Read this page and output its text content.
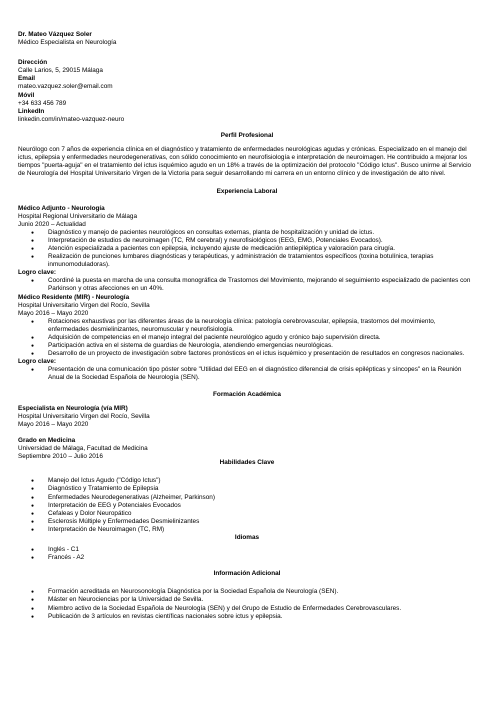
Dr. Mateo Vázquez Soler

Médico Especialista en Neurología

Dirección

Calle Larios, 5, 29015 Málaga

Email

mateo.vazquez.soler@email.com

Móvil

+34 633 456 789

LinkedIn

linkedin.com/in/mateo-vazquez-neuro

Perfil Profesional

Neurólogo con 7 años de experiencia clínica en el diagnóstico y tratamiento de enfermedades neurológicas agudas y crónicas. Especializado en el manejo del ictus, epilepsia y enfermedades neurodegenerativas, con sólido conocimiento en neurofisiología e interpretación de neuroimagen. He contribuido a mejorar los tiempos "puerta-aguja" en el tratamiento del ictus isquémico agudo en un 18% a través de la optimización del protocolo "Código Ictus". Busco unirme al Servicio de Neurología del Hospital Universitario Virgen de la Victoria para seguir desarrollando mi carrera en un entorno clínico y de investigación de alto nivel.

Experiencia Laboral

Médico Adjunto - Neurología

Hospital Regional Universitario de Málaga

Junio 2020 – Actualidad

● Diagnóstico y manejo de pacientes neurológicos en consultas externas, planta de hospitalización y unidad de ictus.
● Interpretación de estudios de neuroimagen (TC, RM cerebral) y neurofisiológicos (EEG, EMG, Potenciales Evocados).
● Atención especializada a pacientes con epilepsia, incluyendo ajuste de medicación antiepiléptica y valoración para cirugía.
● Realización de punciones lumbares diagnósticas y terapéuticas, y administración de tratamientos específicos (toxina botulínica, terapias inmunomoduladoras).

Logro clave:

● Coordiné la puesta en marcha de una consulta monográfica de Trastornos del Movimiento, mejorando el seguimiento especializado de pacientes con Parkinson y otras afecciones en un 40%.

Médico Residente (MIR) - Neurología

Hospital Universitario Virgen del Rocío, Sevilla

Mayo 2016 – Mayo 2020

● Rotaciones exhaustivas por las diferentes áreas de la neurología clínica: patología cerebrovascular, epilepsia, trastornos del movimiento, enfermedades desmielinizantes, neuromuscular y neurofisiología.
● Adquisición de competencias en el manejo integral del paciente neurológico agudo y crónico bajo supervisión directa.
● Participación activa en el sistema de guardias de Neurología, atendiendo emergencias neurológicas.
● Desarrollo de un proyecto de investigación sobre factores pronósticos en el ictus isquémico y presentación de resultados en congresos nacionales.

Logro clave:

● Presentación de una comunicación tipo póster sobre "Utilidad del EEG en el diagnóstico diferencial de crisis epilépticas y síncopes" en la Reunión Anual de la Sociedad Española de Neurología (SEN).

Formación Académica

Especialista en Neurología (vía MIR)

Hospital Universitario Virgen del Rocío, Sevilla

Mayo 2016 – Mayo 2020

Grado en Medicina

Universidad de Málaga, Facultad de Medicina

Septiembre 2010 – Julio 2016

Habilidades Clave

● Manejo del Ictus Agudo ("Código Ictus")
● Diagnóstico y Tratamiento de Epilepsia
● Enfermedades Neurodegenerativas (Alzheimer, Parkinson)
● Interpretación de EEG y Potenciales Evocados
● Cefaleas y Dolor Neuropático
● Esclerosis Múltiple y Enfermedades Desmielinizantes
● Interpretación de Neuroimagen (TC, RM)

Idiomas

● Inglés - C1
● Francés - A2

Información Adicional

● Formación acreditada en Neurosonología Diagnóstica por la Sociedad Española de Neurología (SEN).
● Máster en Neurociencias por la Universidad de Sevilla.
● Miembro activo de la Sociedad Española de Neurología (SEN) y del Grupo de Estudio de Enfermedades Cerebrovasculares.
● Publicación de 3 artículos en revistas científicas nacionales sobre ictus y epilepsia.
